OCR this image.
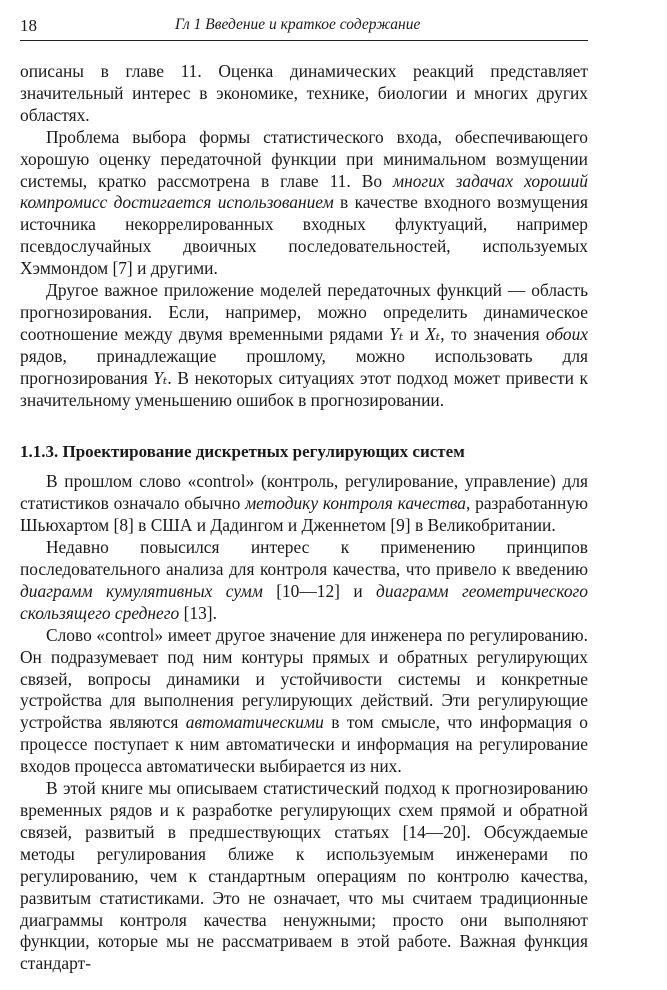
18	Гл 1 Введение и краткое содержание

описаны в главе 11. Оценка динамических реакций представляет значительный интерес в экономике, технике, биологии и многих других областях.

Проблема выбора формы статистического входа, обеспечивающего хорошую оценку передаточной функции при минимальном возмущении системы, кратко рассмотрена в главе 11. Во многих задачах хороший компромисс достигается использованием в качестве входного возмущения источника некоррелированных входных флуктуаций, например псевдослучайных двоичных последовательностей, используемых Хэммондом [7] и другими.

Другое важное приложение моделей передаточных функций — область прогнозирования. Если, например, можно определить динамическое соотношение между двумя временными рядами Yₜ и Xₜ, то значения обоих рядов, принадлежащие прошлому, можно использовать для прогнозирования Yₜ. В некоторых ситуациях этот подход может привести к значительному уменьшению ошибок в прогнозировании.

1.1.3. Проектирование дискретных регулирующих систем

В прошлом слово «control» (контроль, регулирование, управление) для статистиков означало обычно методику контроля качества, разработанную Шьюхартом [8] в США и Дадингом и Дженнетом [9] в Великобритании.

Недавно повысился интерес к применению принципов последовательного анализа для контроля качества, что привело к введению диаграмм кумулятивных сумм [10—12] и диаграмм геометрического скользящего среднего [13].

Слово «control» имеет другое значение для инженера по регулированию. Он подразумевает под ним контуры прямых и обратных регулирующих связей, вопросы динамики и устойчивости системы и конкретные устройства для выполнения регулирующих действий. Эти регулирующие устройства являются автоматическими в том смысле, что информация о процессе поступает к ним автоматически и информация на регулирование входов процесса автоматически выбирается из них.

В этой книге мы описываем статистический подход к прогнозированию временных рядов и к разработке регулирующих схем прямой и обратной связей, развитый в предшествующих статьях [14—20]. Обсуждаемые методы регулирования ближе к используемым инженерами по регулированию, чем к стандартным операциям по контролю качества, развитым статистиками. Это не означает, что мы считаем традиционные диаграммы контроля качества ненужными; просто они выполняют функции, которые мы не рассматриваем в этой работе. Важная функция стандарт-
